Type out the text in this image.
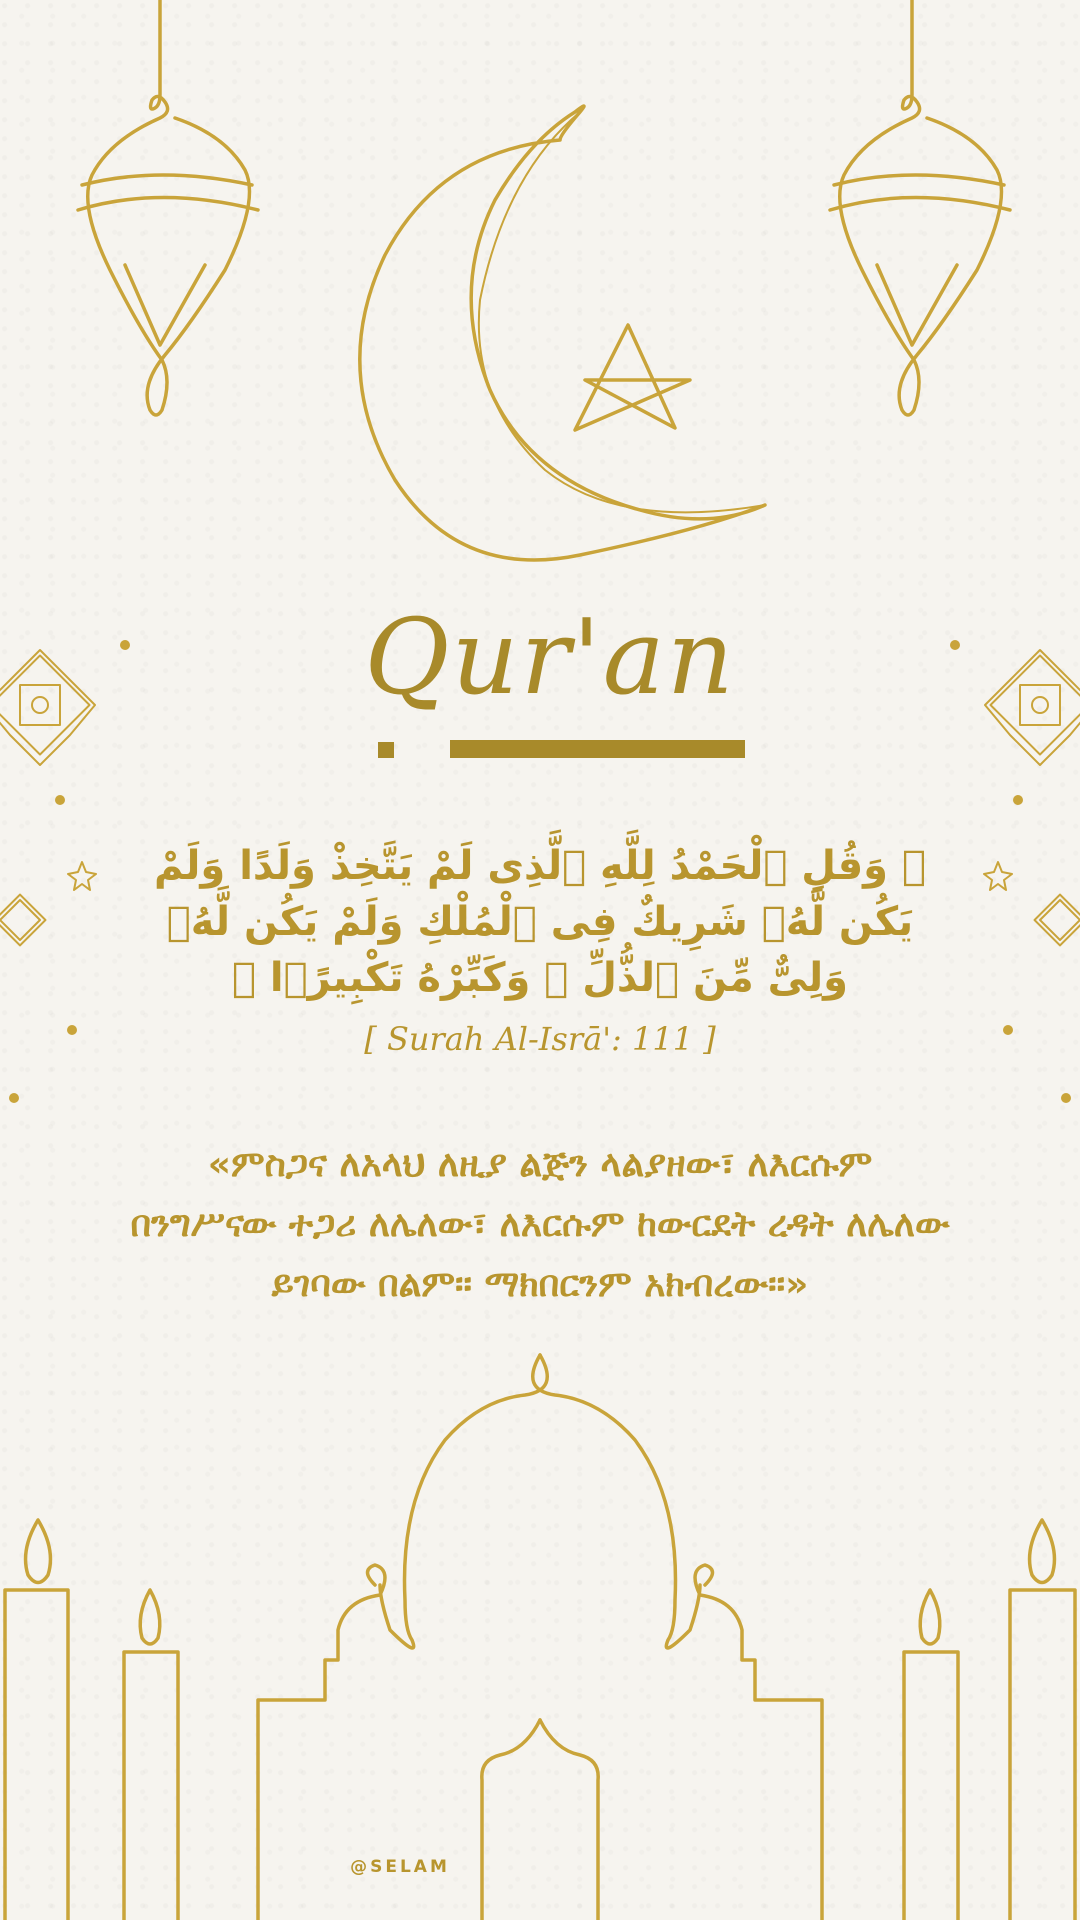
Qur'an
﴿ وَقُلِ ٱلْحَمْدُ لِلَّهِ ٱلَّذِى لَمْ يَتَّخِذْ وَلَدًا وَلَمْ يَكُن لَّهُۥ شَرِيكٌ فِى ٱلْمُلْكِ وَلَمْ يَكُن لَّهُۥ وَلِىٌّ مِّنَ ٱلذُّلِّ ۖ وَكَبِّرْهُ تَكْبِيرًۢا ﴾
[ Surah Al-Isrā': 111 ]
«ምስጋና ለአላህ ለዚያ ልጅን ላልያዘው፣ ለእርሱም በንግሥናው ተጋሪ ለሌለው፣ ለእርሱም ከውርደት ረዳት ለሌለው ይገባው በልም፡፡ ማክበርንም አክብረው፡፡»
@SELAM
